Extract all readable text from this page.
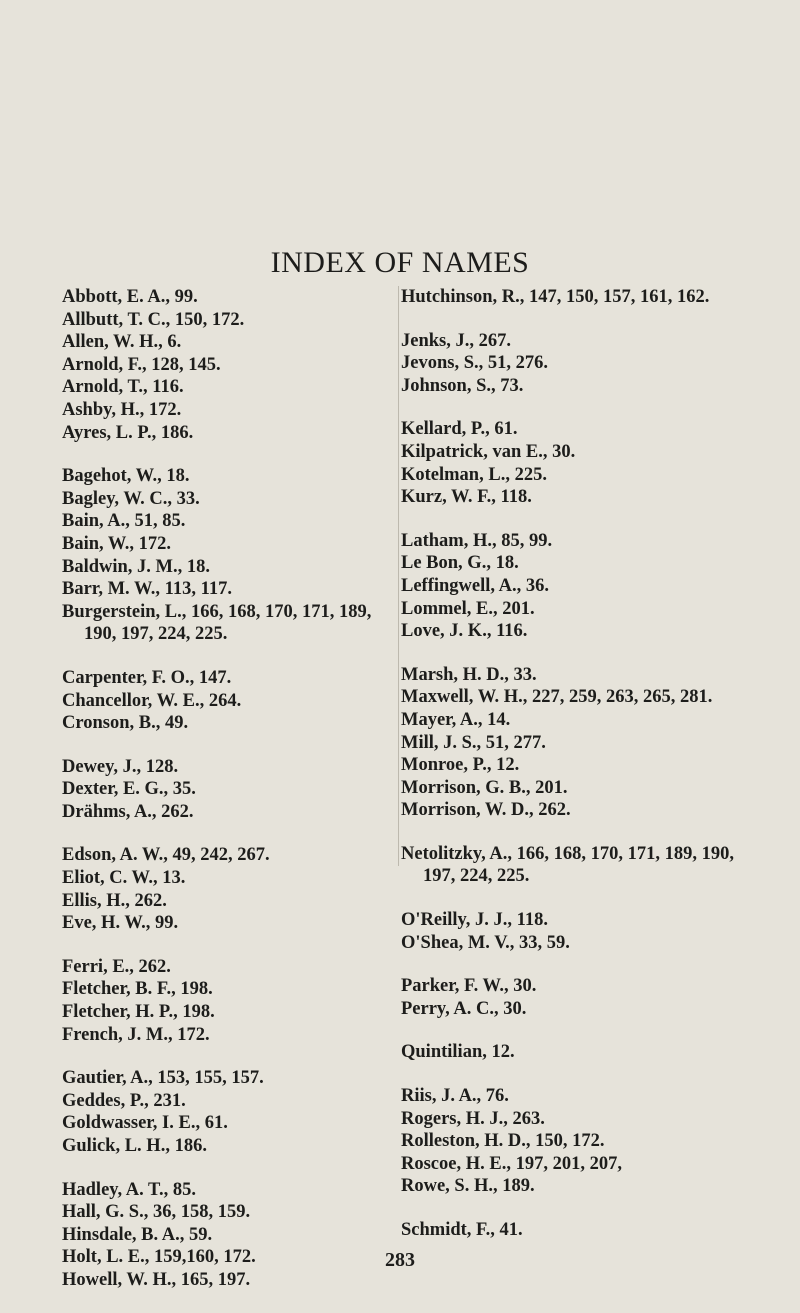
INDEX OF NAMES
Abbott, E. A., 99.
Allbutt, T. C., 150, 172.
Allen, W. H., 6.
Arnold, F., 128, 145.
Arnold, T., 116.
Ashby, H., 172.
Ayres, L. P., 186.
Bagehot, W., 18.
Bagley, W. C., 33.
Bain, A., 51, 85.
Bain, W., 172.
Baldwin, J. M., 18.
Barr, M. W., 113, 117.
Burgerstein, L., 166, 168, 170, 171, 189, 190, 197, 224, 225.
Carpenter, F. O., 147.
Chancellor, W. E., 264.
Cronson, B., 49.
Dewey, J., 128.
Dexter, E. G., 35.
Drähms, A., 262.
Edson, A. W., 49, 242, 267.
Eliot, C. W., 13.
Ellis, H., 262.
Eve, H. W., 99.
Ferri, E., 262.
Fletcher, B. F., 198.
Fletcher, H. P., 198.
French, J. M., 172.
Gautier, A., 153, 155, 157.
Geddes, P., 231.
Goldwasser, I. E., 61.
Gulick, L. H., 186.
Hadley, A. T., 85.
Hall, G. S., 36, 158, 159.
Hinsdale, B. A., 59.
Holt, L. E., 159,160, 172.
Howell, W. H., 165, 197.
Hutchinson, R., 147, 150, 157, 161, 162.
Jenks, J., 267.
Jevons, S., 51, 276.
Johnson, S., 73.
Kellard, P., 61.
Kilpatrick, van E., 30.
Kotelman, L., 225.
Kurz, W. F., 118.
Latham, H., 85, 99.
Le Bon, G., 18.
Leffingwell, A., 36.
Lommel, E., 201.
Love, J. K., 116.
Marsh, H. D., 33.
Maxwell, W. H., 227, 259, 263, 265, 281.
Mayer, A., 14.
Mill, J. S., 51, 277.
Monroe, P., 12.
Morrison, G. B., 201.
Morrison, W. D., 262.
Netolitzky, A., 166, 168, 170, 171, 189, 190, 197, 224, 225.
O'Reilly, J. J., 118.
O'Shea, M. V., 33, 59.
Parker, F. W., 30.
Perry, A. C., 30.
Quintilian, 12.
Riis, J. A., 76.
Rogers, H. J., 263.
Rolleston, H. D., 150, 172.
Roscoe, H. E., 197, 201, 207,
Rowe, S. H., 189.
Schmidt, F., 41.
283
